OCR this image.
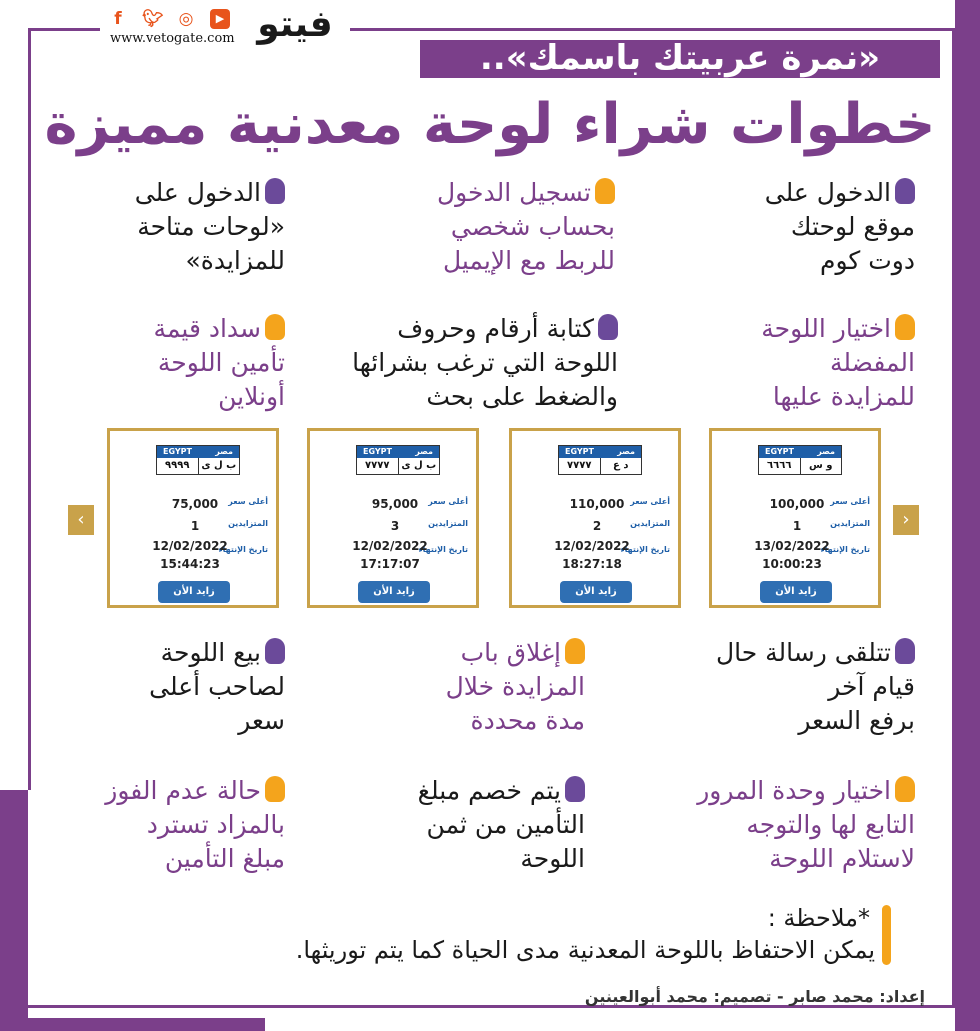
f	🐦︎ ◎	▶
www.vetogate.com فيتو
«نمرة عربيتك باسمك»..
خطوات شراء لوحة معدنية مميزة
الدخول على
موقع لوحتك
دوت كوم
تسجيل الدخول
بحساب شخصي
للربط مع الإيميل
الدخول على
«لوحات متاحة
للمزايدة»
اختيار اللوحة
المفضلة
للمزايدة عليها
كتابة أرقام وحروف
اللوحة التي ترغب بشرائها
والضغط على بحث
سداد قيمة
تأمين اللوحة
أونلاين
‹	›
EGYPT	مصر
٩٩٩٩	ب ل ى
أعلى سعر
المتزايدين
تاريخ الإنتهاء
75,000
1
12/02/2022
15:44:23
زايد الأن
EGYPT	مصر
٧٧٧٧	ب ل ى
أعلى سعر
المتزايدين
تاريخ الإنتهاء
95,000
3
12/02/2022
17:17:07
زايد الأن
EGYPT	مصر
٧٧٧٧	د ع
أعلى سعر
المتزايدين
تاريخ الإنتهاء
110,000
2
12/02/2022
18:27:18
زايد الأن
EGYPT	مصر
٦٦٦٦	و س
أعلى سعر
المتزايدين
تاريخ الإنتهاء
100,000
1
13/02/2022
10:00:23
زايد الأن
تتلقى رسالة حال
قيام آخر
برفع السعر
إغلاق باب
المزايدة خلال
مدة محددة
بيع اللوحة
لصاحب أعلى
سعر
اختيار وحدة المرور
التابع لها والتوجه
لاستلام اللوحة
يتم خصم مبلغ
التأمين من ثمن
اللوحة
حالة عدم الفوز
بالمزاد تسترد
مبلغ التأمين
*ملاحظة :
يمكن الاحتفاظ باللوحة المعدنية مدى الحياة كما يتم توريثها.
إعداد: محمد صابر - تصميم: محمد أبوالعينين
